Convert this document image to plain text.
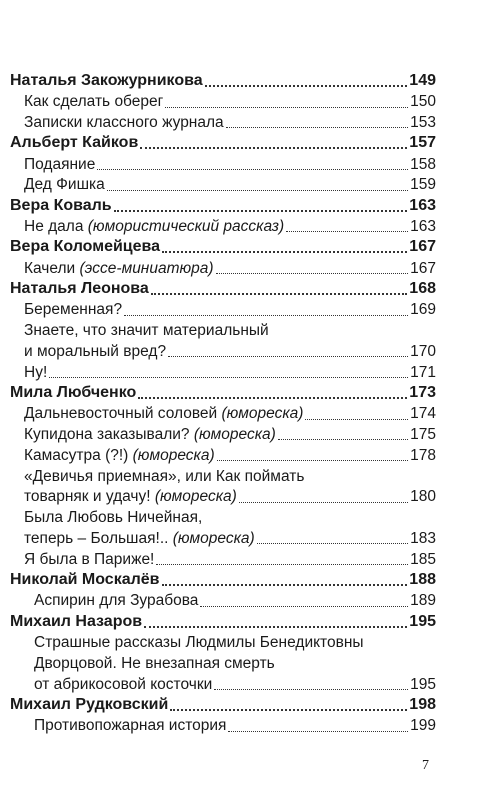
Наталья Закожурникова	149
Как сделать оберег	150
Записки классного журнала	153
Альберт Кайков	157
Подаяние	158
Дед Фишка	159
Вера Коваль	163
Не дала (юмористический рассказ)	163
Вера Коломейцева	167
Качели (эссе-миниатюра)	167
Наталья Леонова	168
Беременная?	169
Знаете, что значит материальный
и моральный вред?	170
Ну!	171
Мила Любченко	173
Дальневосточный соловей (юмореска)	174
Купидона заказывали? (юмореска)	175
Камасутра (?!) (юмореска)	178
«Девичья приемная», или Как поймать
товарняк и удачу! (юмореска)	180
Была Любовь Ничейная,
теперь – Большая!.. (юмореска)	183
Я была в Париже!	185
Николай Москалёв	188
Аспирин для Зурабова	189
Михаил Назаров	195
Страшные рассказы Людмилы Бенедиктовны
Дворцовой. Не внезапная смерть
от абрикосовой косточки	195
Михаил Рудковский	198
Противопожарная история	199
7
